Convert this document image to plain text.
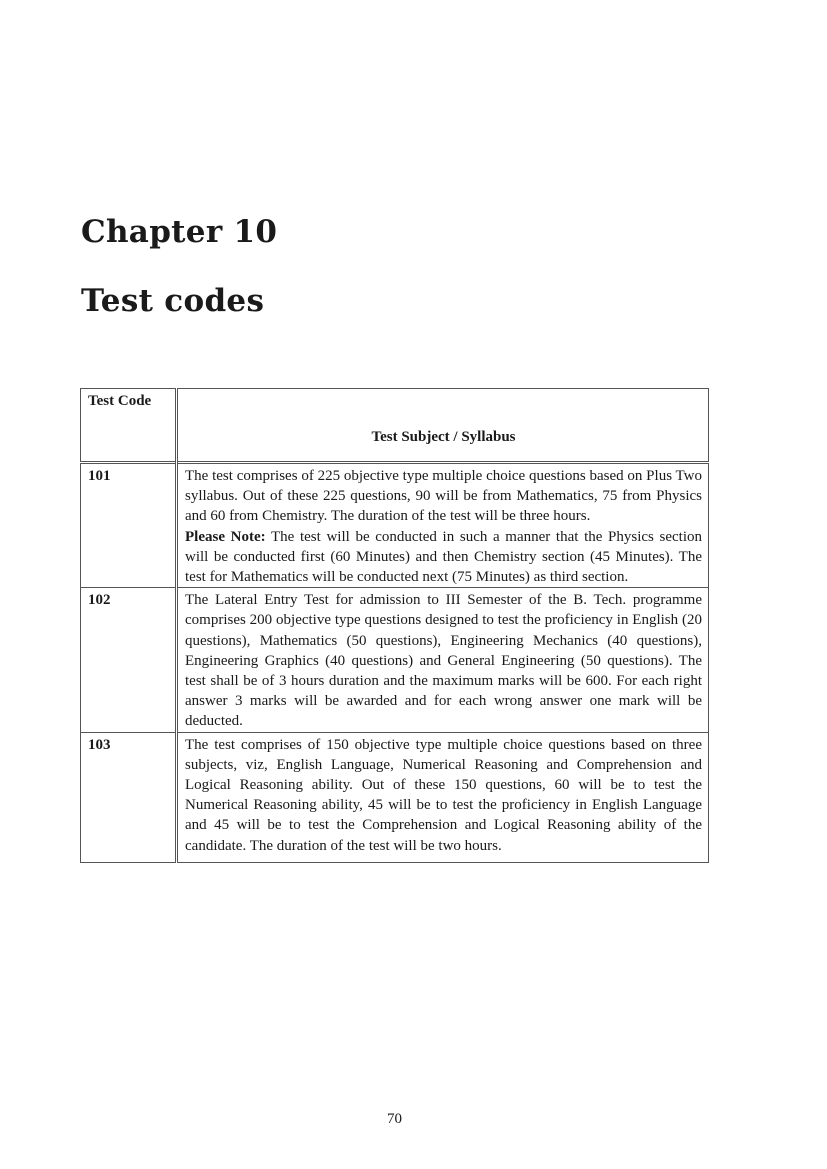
Chapter 10
Test codes
Test Code	Test Subject / Syllabus
101	The test comprises of 225 objective type multiple choice questions based on Plus Two syllabus. Out of these 225 questions, 90 will be from Mathematics, 75 from Physics and 60 from Chemistry. The duration of the test will be three hours.
Please Note: The test will be conducted in such a manner that the Physics section will be conducted first (60 Minutes) and then Chemistry section (45 Minutes). The test for Mathematics will be conducted next (75 Minutes) as third section.
102	The Lateral Entry Test for admission to III Semester of the B. Tech. programme comprises 200 objective type questions designed to test the proficiency in English (20 questions), Mathematics (50 questions), Engineering Mechanics (40 questions), Engineering Graphics (40 questions) and General Engineering (50 questions). The test shall be of 3 hours duration and the maximum marks will be 600. For each right answer 3 marks will be awarded and for each wrong answer one mark will be deducted.
103	The test comprises of 150 objective type multiple choice questions based on three subjects, viz, English Language, Numerical Reasoning and Comprehension and Logical Reasoning ability. Out of these 150 questions, 60 will be to test the Numerical Reasoning ability, 45 will be to test the proficiency in English Language and 45 will be to test the Comprehension and Logical Reasoning ability of the candidate. The duration of the test will be two hours.
70
